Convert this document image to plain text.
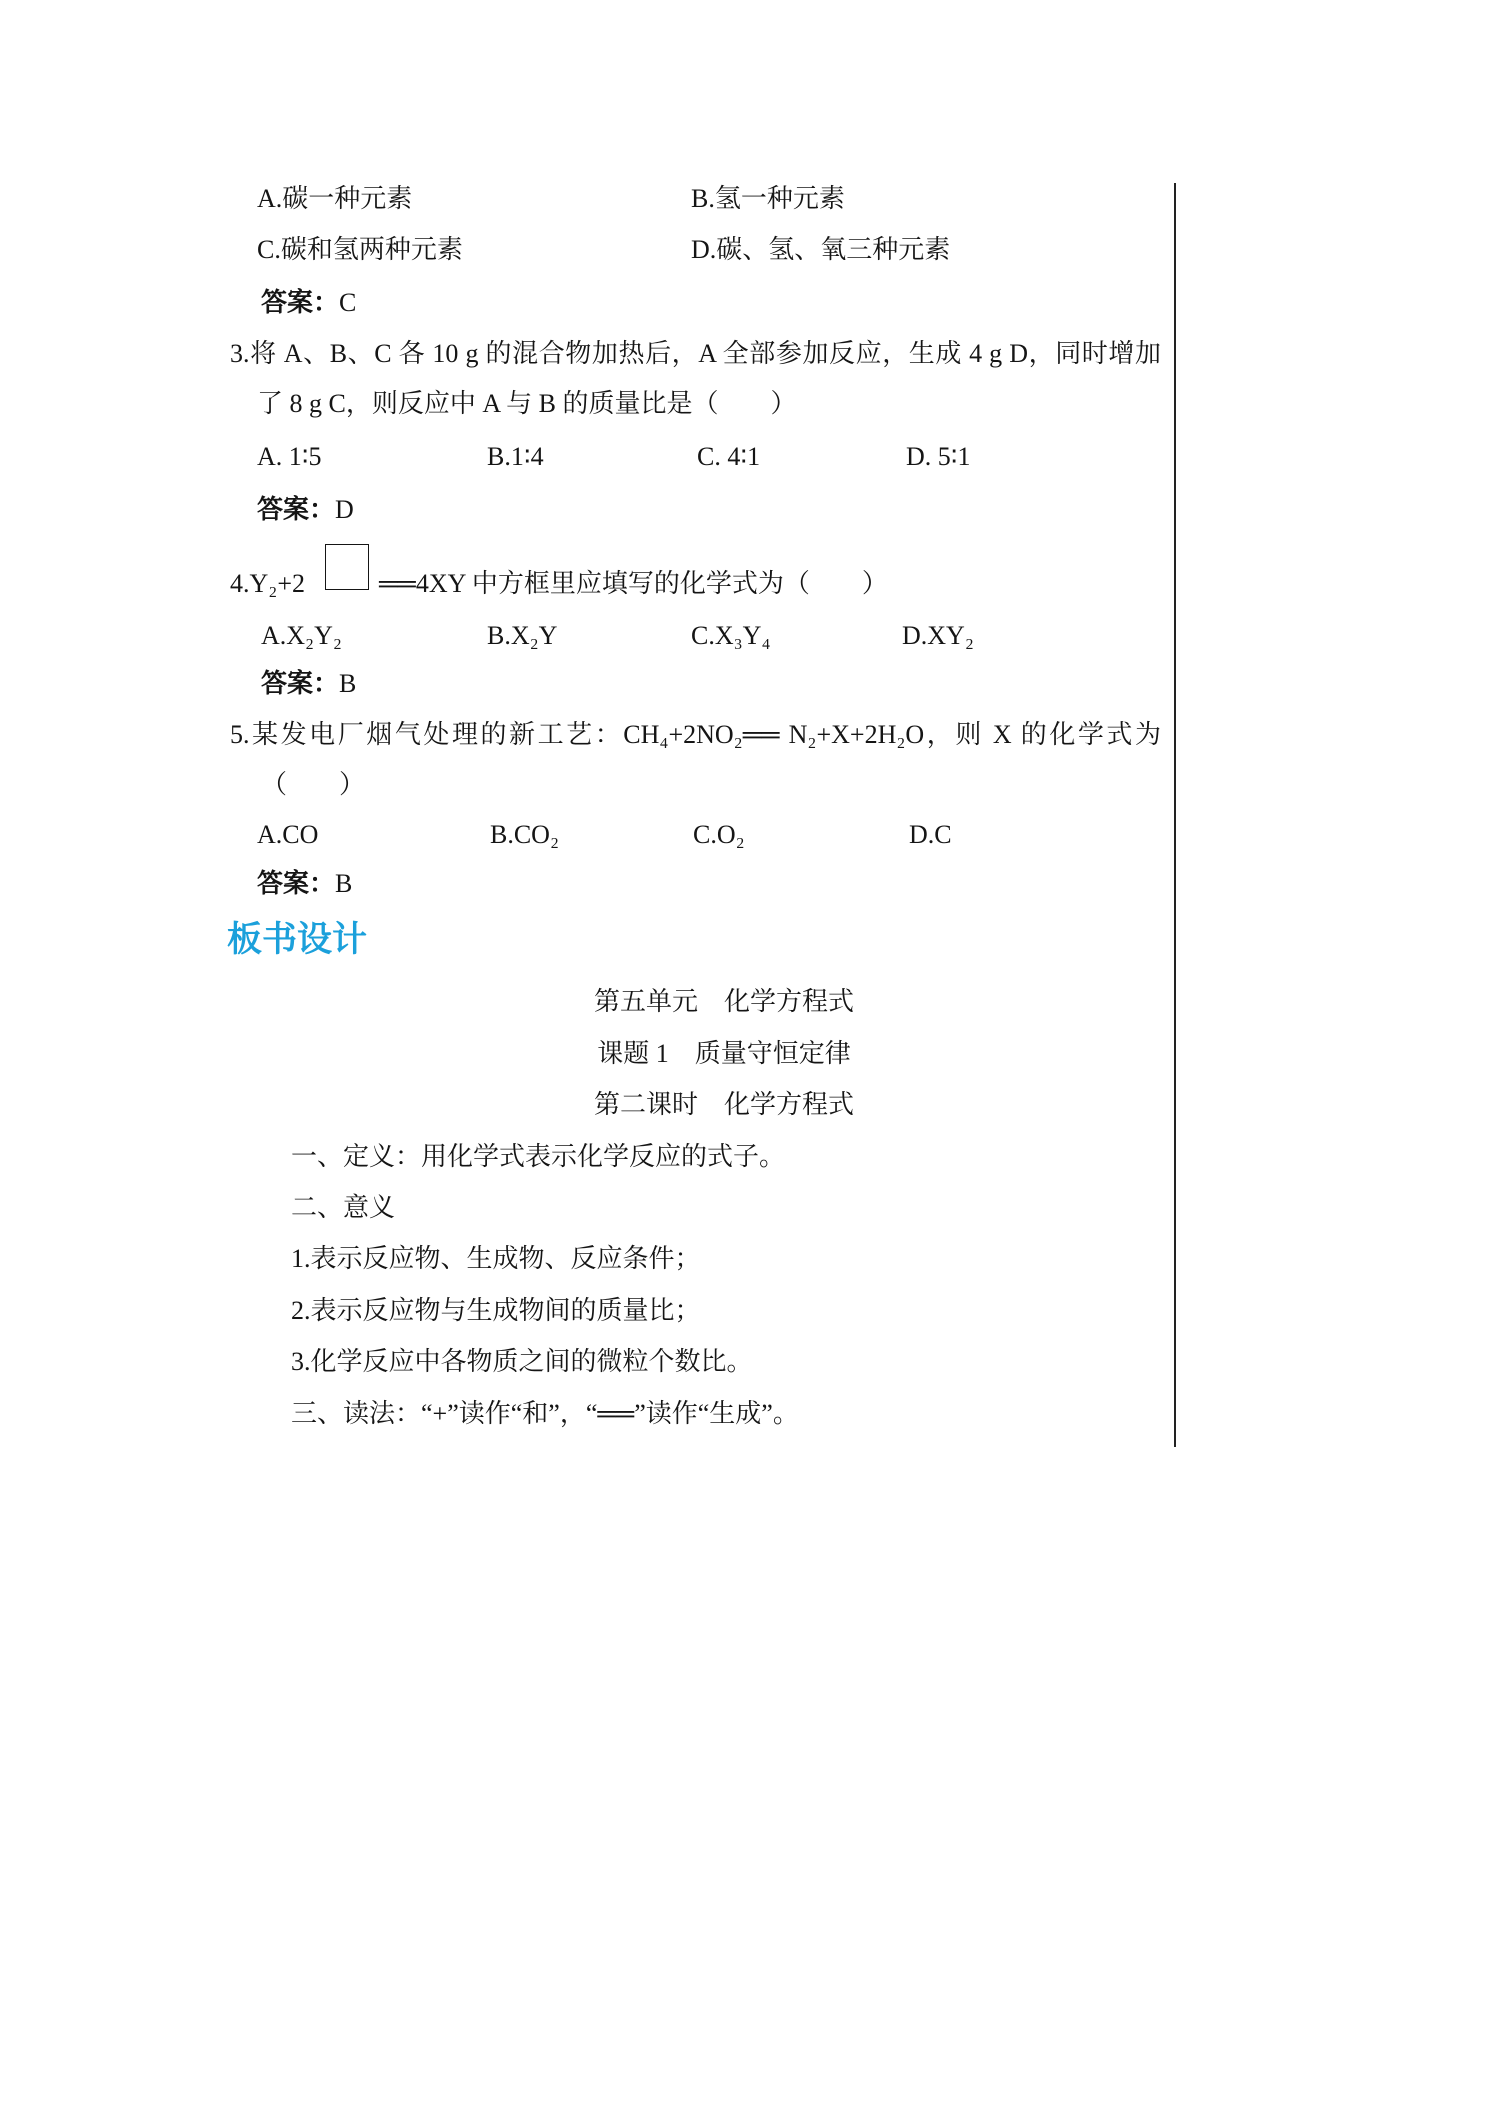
A.碳一种元素	B.氢一种元素
C.碳和氢两种元素	D.碳、氢、氧三种元素
答案：C
3.将 A、B、C 各 10 g 的混合物加热后，A 全部参加反应，生成 4 g D，同时增加
了 8 g C，则反应中 A 与 B 的质量比是（　　）
A. 1∶5	B.1∶4	C. 4∶1	D. 5∶1
答案：D
4.Y₂+2	══4XY 中方框里应填写的化学式为（　　）
A.X₂Y₂	B.X₂Y	C.X₃Y₄	D.XY₂
答案：B
5.某发电厂烟气处理的新工艺：CH₄+2NO₂══ N₂+X+2H₂O，则 X 的化学式为
（　　）
A.CO	B.CO₂	C.O₂	D.C
答案：B
板书设计
第五单元　化学方程式
课题 1　质量守恒定律
第二课时　化学方程式
一、定义：用化学式表示化学反应的式子。
二、意义
1.表示反应物、生成物、反应条件；
2.表示反应物与生成物间的质量比；
3.化学反应中各物质之间的微粒个数比。
三、读法：“+”读作“和”，“══”读作“生成”。
